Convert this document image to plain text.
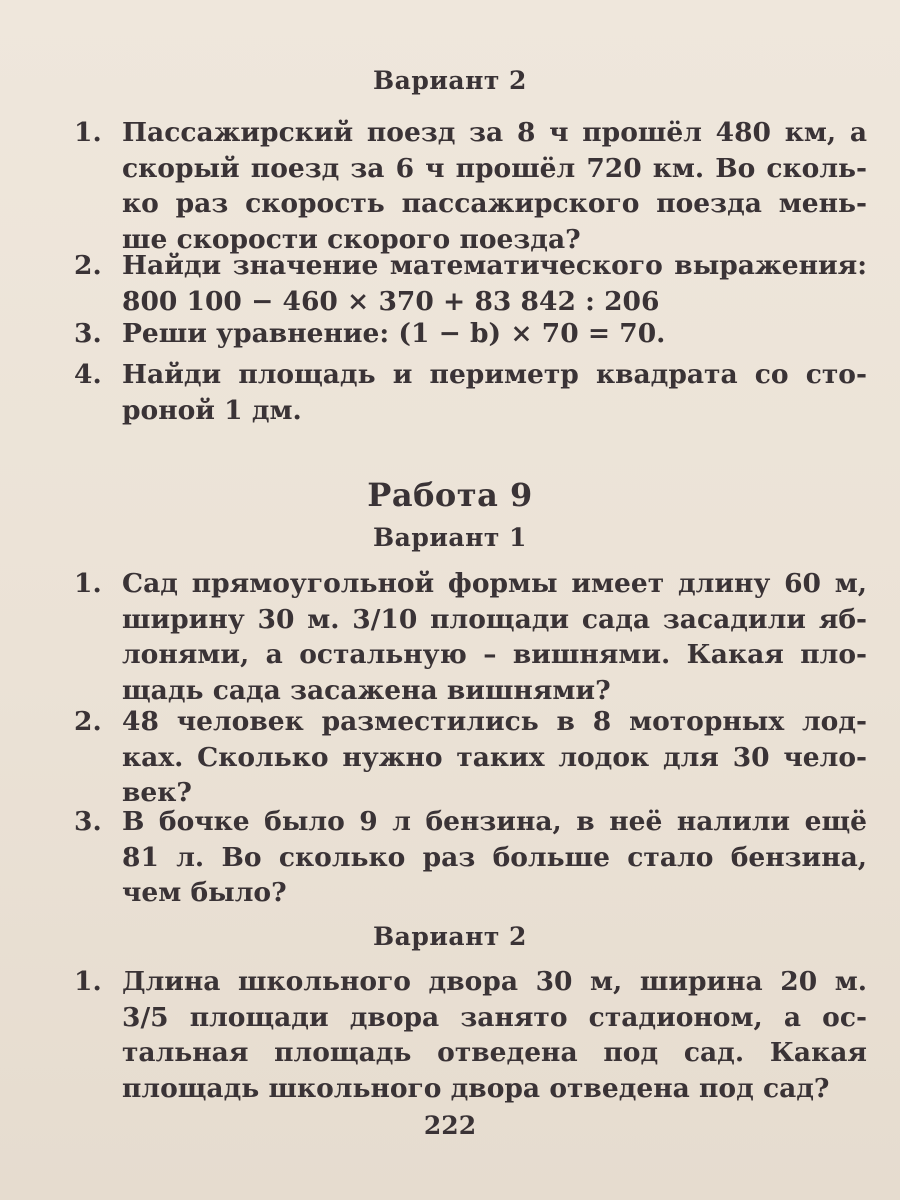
Вариант 2
1. Пассажирский поезд за 8 ч прошёл 480 км, а
скорый поезд за 6 ч прошёл 720 км. Во сколь-
ко раз скорость пассажирского поезда мень-
ше скорости скорого поезда?
2. Найди значение математического выражения:
800 100 − 460 × 370 + 83 842 : 206
3. Реши уравнение: (1 − b) × 70 = 70.
4. Найди площадь и периметр квадрата со сто-
роной 1 дм.
Работа 9
Вариант 1
1. Сад прямоугольной формы имеет длину 60 м,
ширину 30 м. 3/10 площади сада засадили яб-
лонями, а остальную – вишнями. Какая пло-
щадь сада засажена вишнями?
2. 48 человек разместились в 8 моторных лод-
ках. Сколько нужно таких лодок для 30 чело-
век?
3. В бочке было 9 л бензина, в неё налили ещё
81 л. Во сколько раз больше стало бензина,
чем было?
Вариант 2
1. Длина школьного двора 30 м, ширина 20 м.
3/5 площади двора занято стадионом, а ос-
тальная площадь отведена под сад. Какая
площадь школьного двора отведена под сад?
222
